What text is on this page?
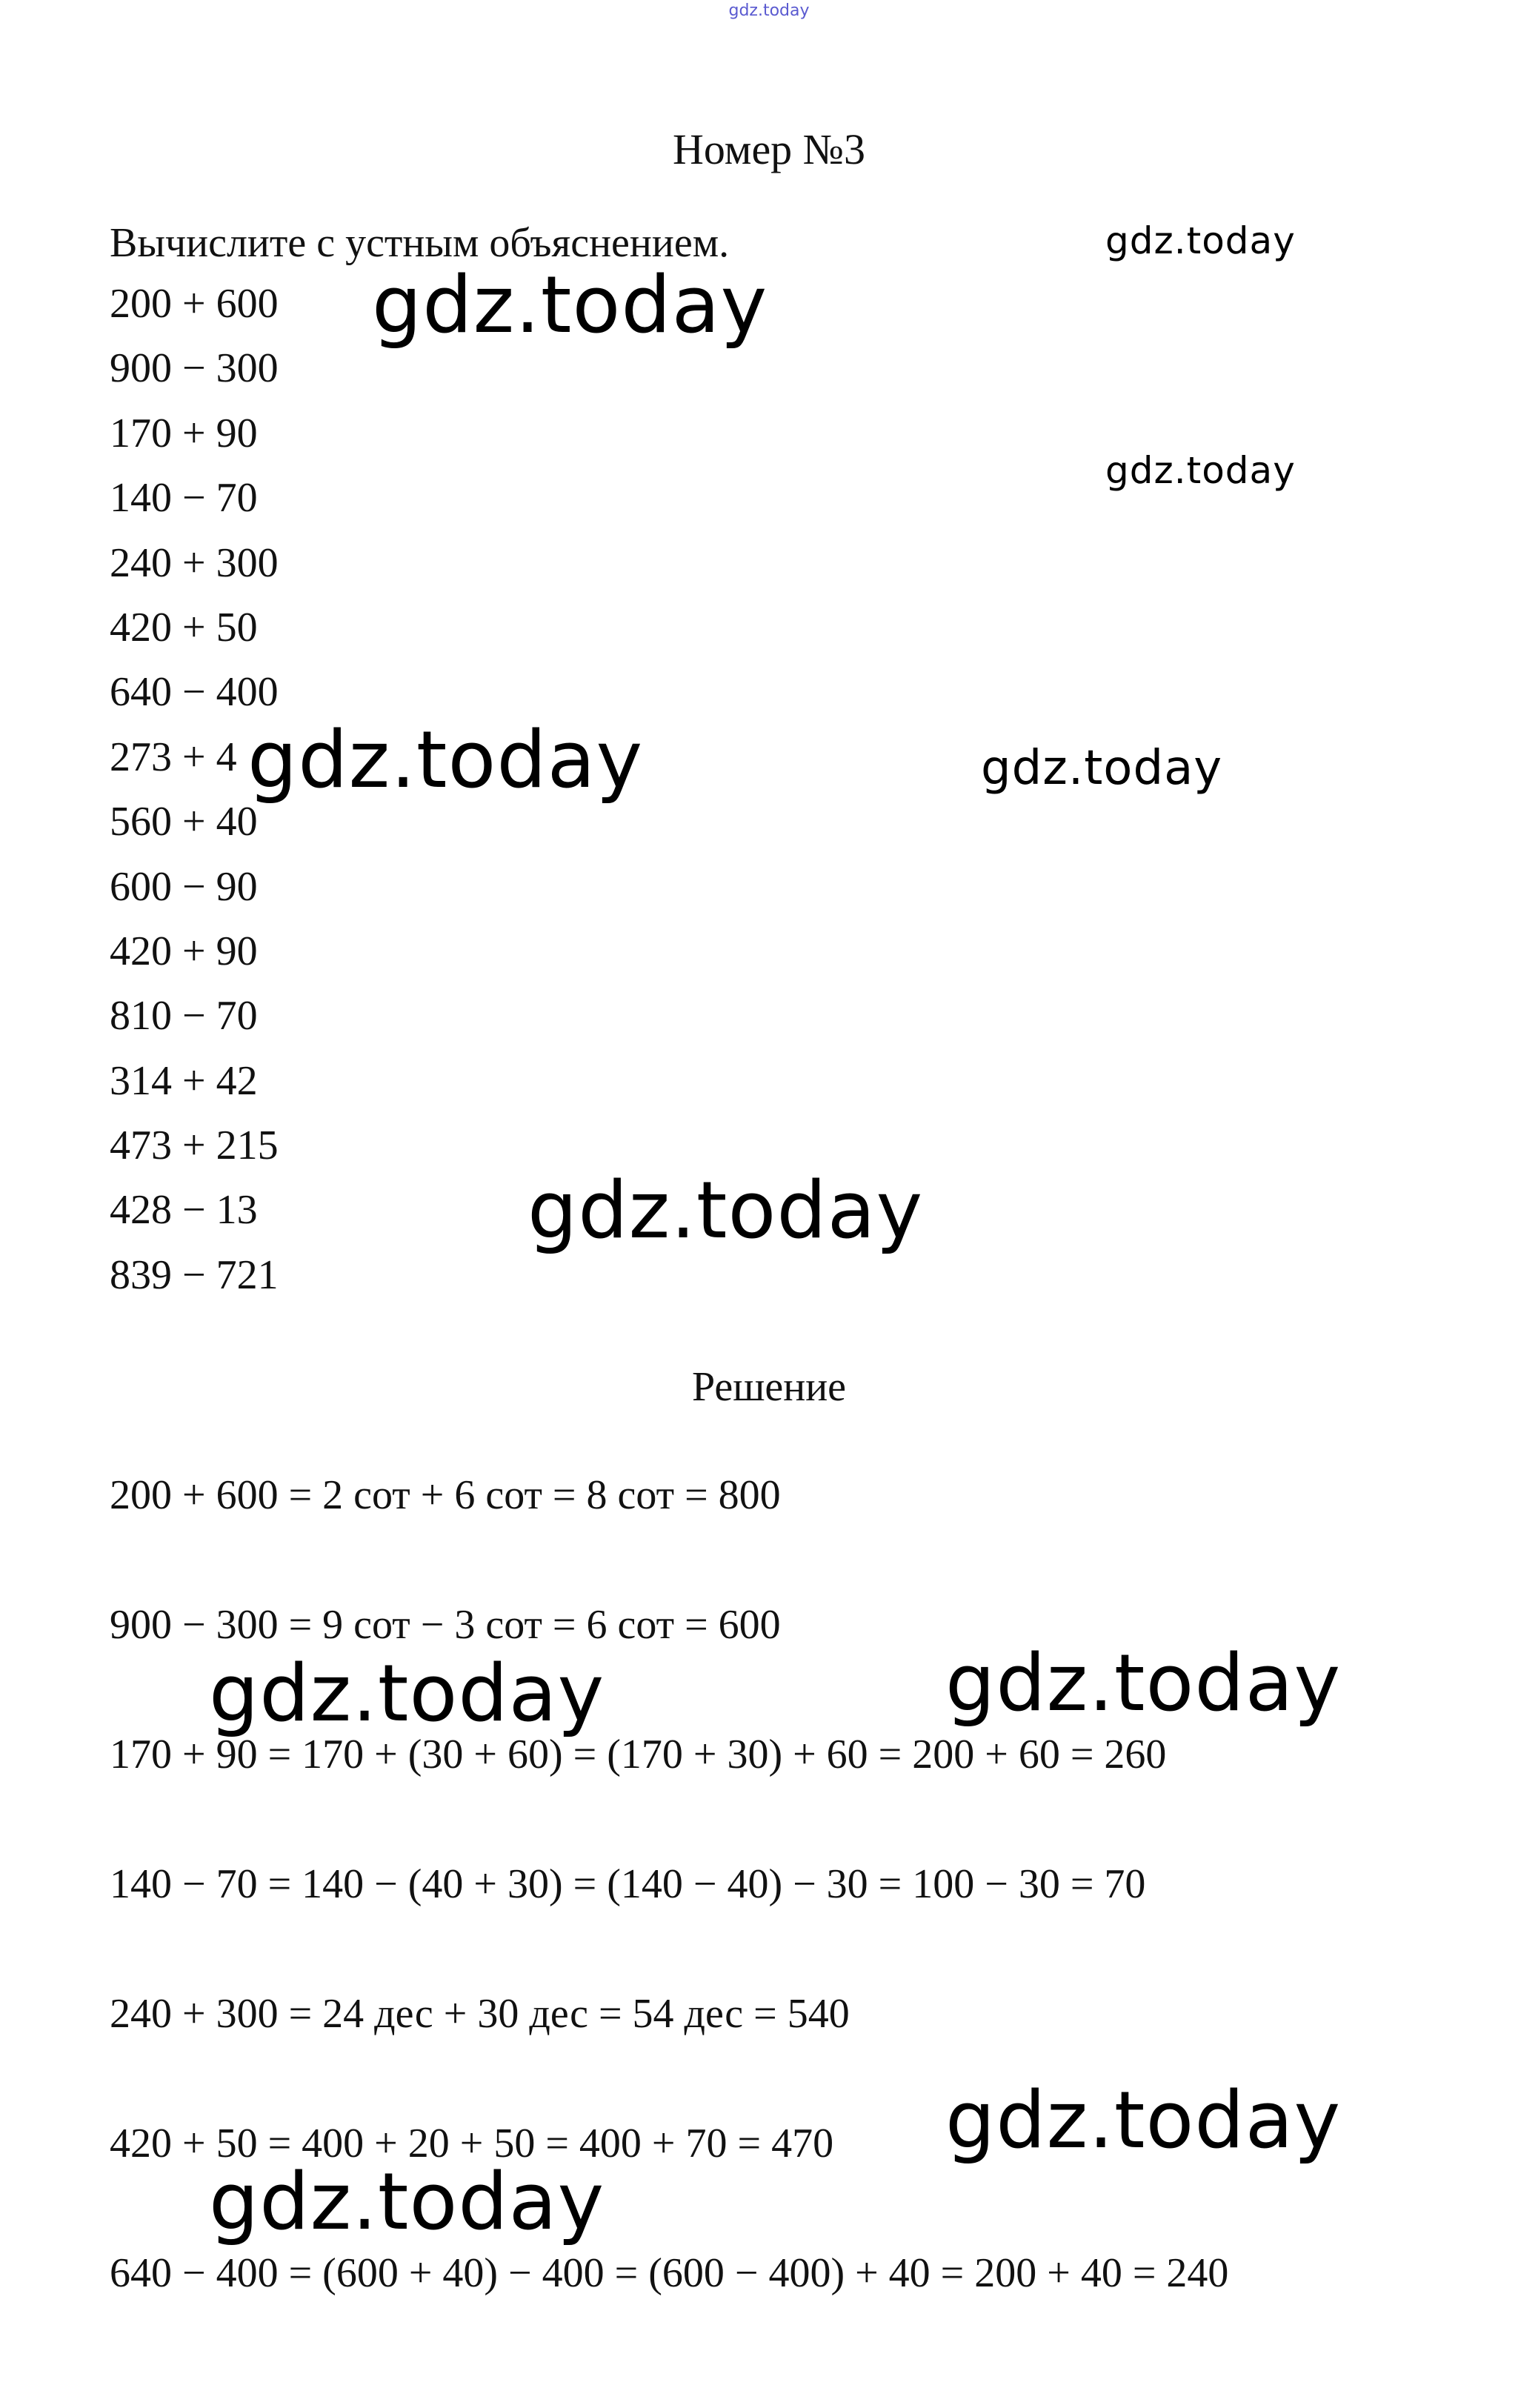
gdz.today
Номер №3
Вычислите с устным объяснением.
200 + 600
900 − 300
170 + 90
140 − 70
240 + 300
420 + 50
640 − 400
273 + 4
560 + 40
600 − 90
420 + 90
810 − 70
314 + 42
473 + 215
428 − 13
839 − 721
Решение
200 + 600 = 2 сот + 6 сот = 8 сот = 800
900 − 300 = 9 сот − 3 сот = 6 сот = 600
170 + 90 = 170 + (30 + 60) = (170 + 30) + 60 = 200 + 60 = 260
140 − 70 = 140 − (40 + 30) = (140 − 40) − 30 = 100 − 30 = 70
240 + 300 = 24 дес + 30 дес = 54 дес = 540
420 + 50 = 400 + 20 + 50 = 400 + 70 = 470
640 − 400 = (600 + 40) − 400 = (600 − 400) + 40 = 200 + 40 = 240
gdz.today
gdz.today
gdz.today
gdz.today	gdz.today
gdz.today
gdz.today
gdz.today
gdz.today
gdz.today
